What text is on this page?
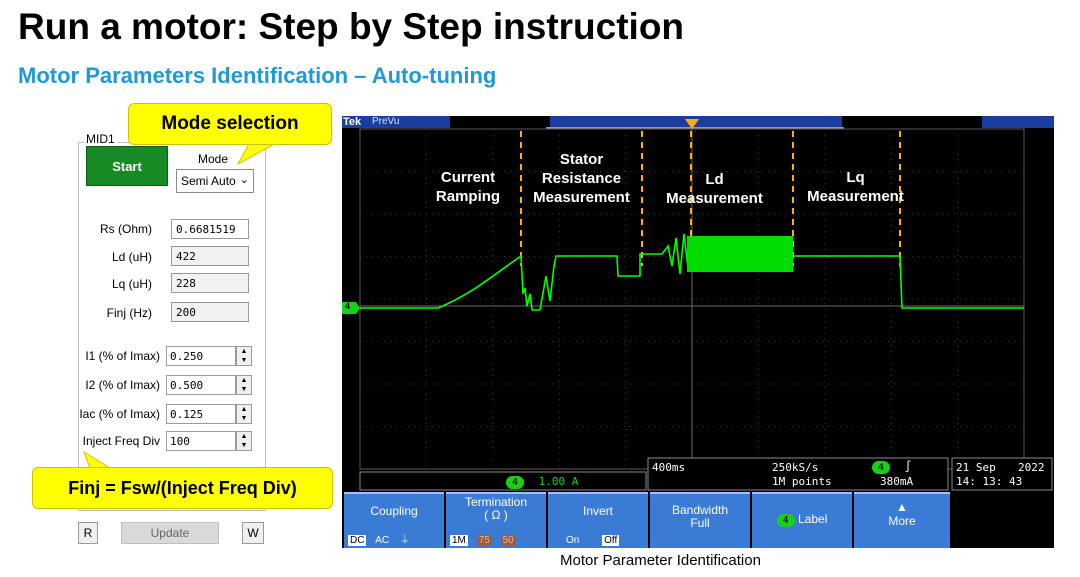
Run a motor: Step by Step instruction
Motor Parameters Identification – Auto-tuning
MID1
Start	Mode
Semi Auto ⌄
Rs (Ohm)	0.6681519
Ld (uH)	422
Lq (uH)	228
Finj (Hz)	200
I1 (% of Imax) 0.250	▲
▼
I2 (% of Imax) 0.500	▲
▼
Iac (% of Imax) 0.125	▲
▼
Inject Freq Div 100	▲
▼
R	Update	W
Mode selection
Finj = Fsw/(Inject Freq Div)
Current
Ramping
Stator
Resistance
Measurement
Ld
Measurement
Lq
Measurement
Tek PreVu
4
4 1.00 A
400ms	250kS/s
1M points
4 ∫
380mA
21 Sep 2022
14: 13: 43
Coupling
DC AC ⏚
Termination
( Ω )
1M 75 50
Invert
On Off
Bandwidth
Full	4 Label
▲
More
Motor Parameter Identification
